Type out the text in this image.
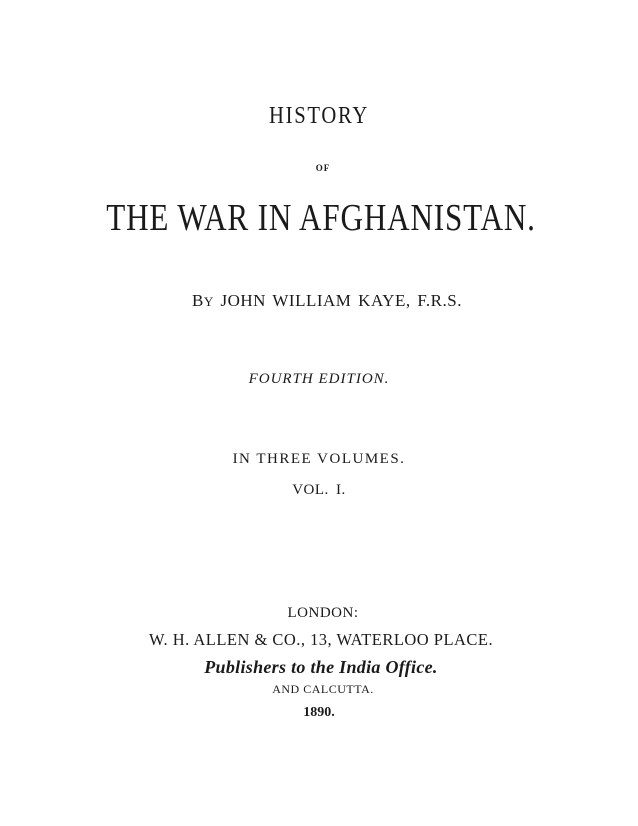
HISTORY
OF
THE WAR IN AFGHANISTAN.
BY JOHN WILLIAM KAYE, F.R.S.
FOURTH EDITION.
IN THREE VOLUMES.
VOL. I.
LONDON:
W. H. ALLEN & CO., 13, WATERLOO PLACE.
Publishers to the India Office.
AND CALCUTTA.
1890.
